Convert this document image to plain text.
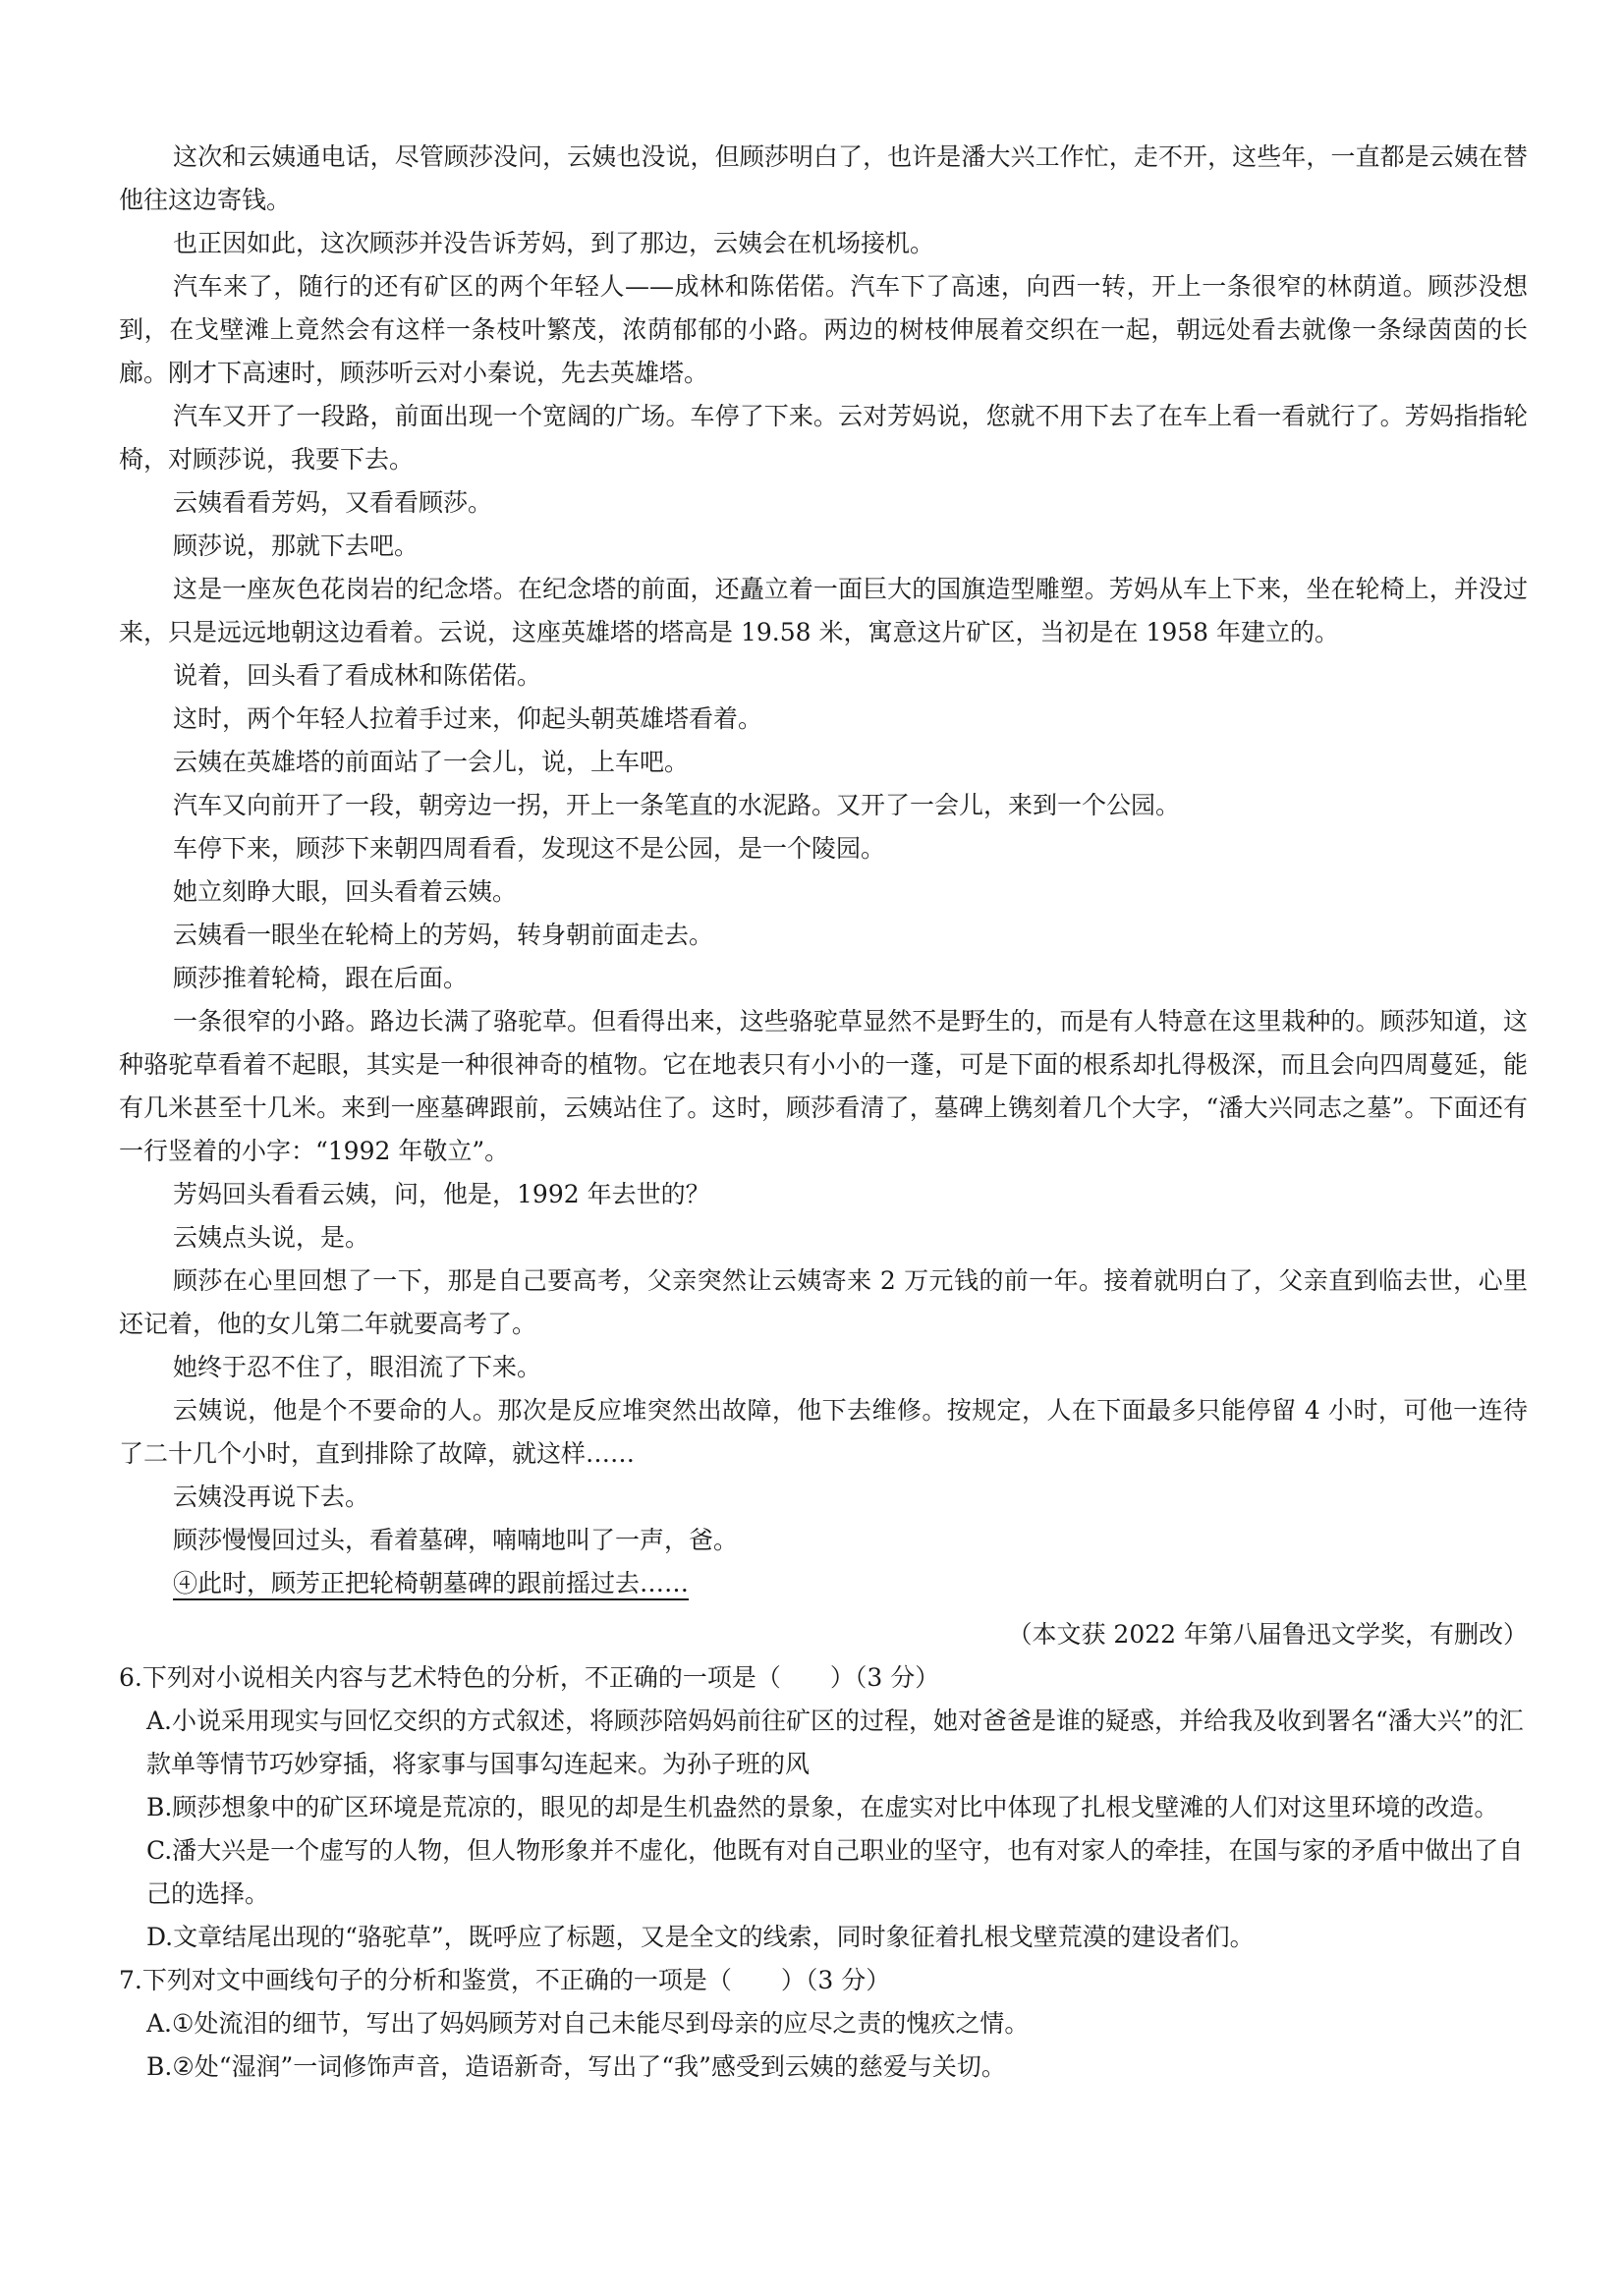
这次和云姨通电话，尽管顾莎没问，云姨也没说，但顾莎明白了，也许是潘大兴工作忙，走不开，这些年，一直都是云姨在替他往这边寄钱。

也正因如此，这次顾莎并没告诉芳妈，到了那边，云姨会在机场接机。

汽车来了，随行的还有矿区的两个年轻人——成林和陈偌偌。汽车下了高速，向西一转，开上一条很窄的林荫道。顾莎没想到，在戈壁滩上竟然会有这样一条枝叶繁茂，浓荫郁郁的小路。两边的树枝伸展着交织在一起，朝远处看去就像一条绿茵茵的长廊。刚才下高速时，顾莎听云对小秦说，先去英雄塔。

汽车又开了一段路，前面出现一个宽阔的广场。车停了下来。云对芳妈说，您就不用下去了在车上看一看就行了。芳妈指指轮椅，对顾莎说，我要下去。

云姨看看芳妈，又看看顾莎。

顾莎说，那就下去吧。

这是一座灰色花岗岩的纪念塔。在纪念塔的前面，还矗立着一面巨大的国旗造型雕塑。芳妈从车上下来，坐在轮椅上，并没过来，只是远远地朝这边看着。云说，这座英雄塔的塔高是 19.58 米，寓意这片矿区，当初是在 1958 年建立的。

说着，回头看了看成林和陈偌偌。

这时，两个年轻人拉着手过来，仰起头朝英雄塔看着。

云姨在英雄塔的前面站了一会儿，说，上车吧。

汽车又向前开了一段，朝旁边一拐，开上一条笔直的水泥路。又开了一会儿，来到一个公园。

车停下来，顾莎下来朝四周看看，发现这不是公园，是一个陵园。

她立刻睁大眼，回头看着云姨。

云姨看一眼坐在轮椅上的芳妈，转身朝前面走去。

顾莎推着轮椅，跟在后面。

一条很窄的小路。路边长满了骆驼草。但看得出来，这些骆驼草显然不是野生的，而是有人特意在这里栽种的。顾莎知道，这种骆驼草看着不起眼，其实是一种很神奇的植物。它在地表只有小小的一蓬，可是下面的根系却扎得极深，而且会向四周蔓延，能有几米甚至十几米。来到一座墓碑跟前，云姨站住了。这时，顾莎看清了，墓碑上镌刻着几个大字，“潘大兴同志之墓”。下面还有一行竖着的小字：“1992 年敬立”。

芳妈回头看看云姨，问，他是，1992 年去世的？

云姨点头说，是。

顾莎在心里回想了一下，那是自己要高考，父亲突然让云姨寄来 2 万元钱的前一年。接着就明白了，父亲直到临去世，心里还记着，他的女儿第二年就要高考了。

她终于忍不住了，眼泪流了下来。

云姨说，他是个不要命的人。那次是反应堆突然出故障，他下去维修。按规定，人在下面最多只能停留 4 小时，可他一连待了二十几个小时，直到排除了故障，就这样……

云姨没再说下去。

顾莎慢慢回过头，看着墓碑，喃喃地叫了一声，爸。

④此时，顾芳正把轮椅朝墓碑的跟前摇过去……

（本文获 2022 年第八届鲁迅文学奖，有删改）

6.下列对小说相关内容与艺术特色的分析，不正确的一项是（　　）（3 分）

A.小说采用现实与回忆交织的方式叙述，将顾莎陪妈妈前往矿区的过程，她对爸爸是谁的疑惑，并给我及收到署名“潘大兴”的汇款单等情节巧妙穿插，将家事与国事勾连起来。为孙子班的风

B.顾莎想象中的矿区环境是荒凉的，眼见的却是生机盎然的景象，在虚实对比中体现了扎根戈壁滩的人们对这里环境的改造。

C.潘大兴是一个虚写的人物，但人物形象并不虚化，他既有对自己职业的坚守，也有对家人的牵挂，在国与家的矛盾中做出了自己的选择。

D.文章结尾出现的“骆驼草”，既呼应了标题，又是全文的线索，同时象征着扎根戈壁荒漠的建设者们。

7.下列对文中画线句子的分析和鉴赏，不正确的一项是（　　）（3 分）

A.①处流泪的细节，写出了妈妈顾芳对自己未能尽到母亲的应尽之责的愧疚之情。

B.②处“湿润”一词修饰声音，造语新奇，写出了“我”感受到云姨的慈爱与关切。
